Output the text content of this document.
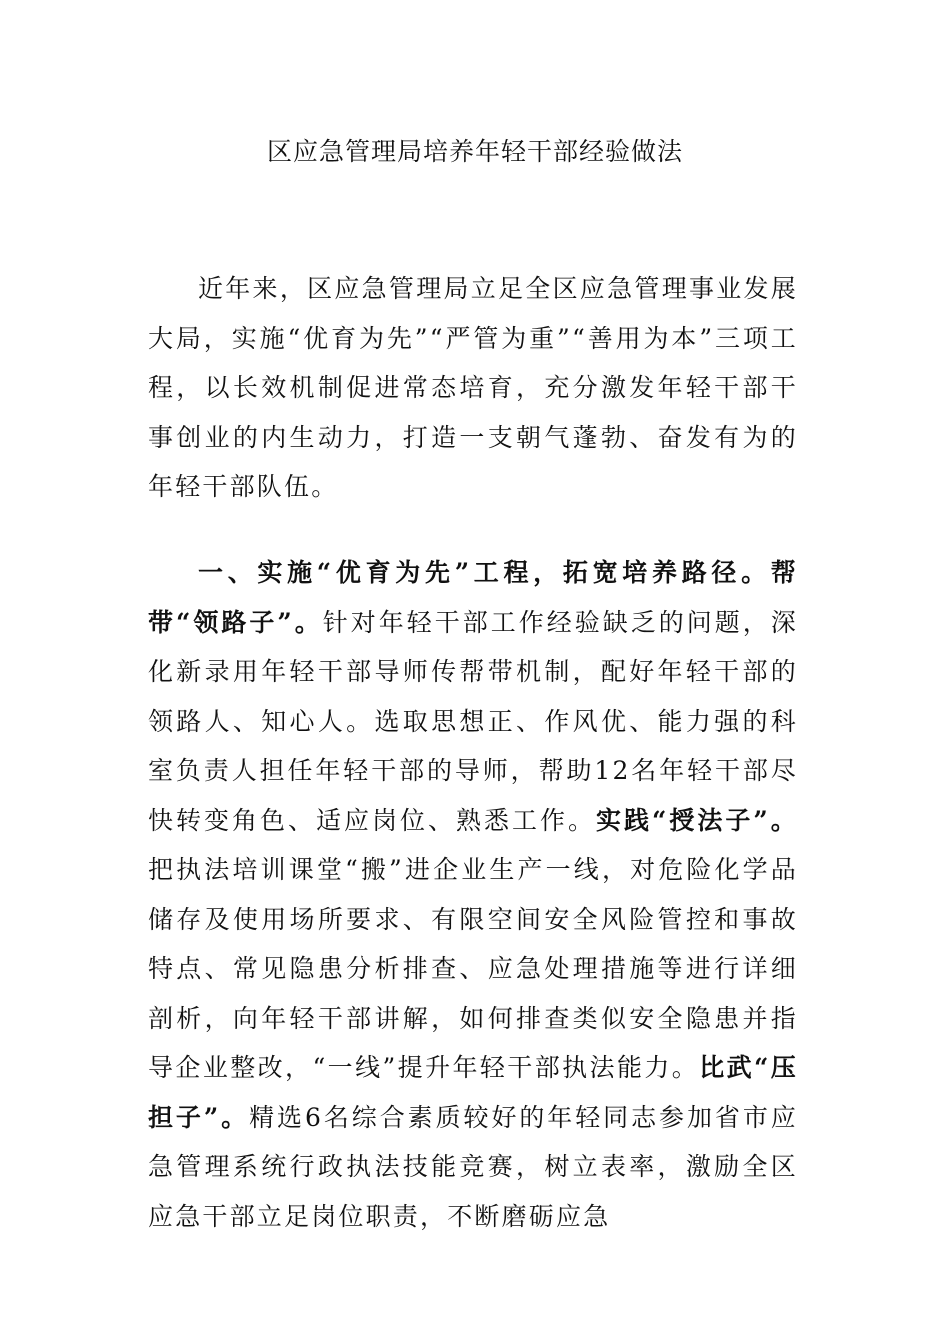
区应急管理局培养年轻干部经验做法

近年来，区应急管理局立足全区应急管理事业发展大局，实施“优育为先”“严管为重”“善用为本”三项工程，以长效机制促进常态培育，充分激发年轻干部干事创业的内生动力，打造一支朝气蓬勃、奋发有为的年轻干部队伍。

一、实施“优育为先”工程，拓宽培养路径。帮带“领路子”。针对年轻干部工作经验缺乏的问题，深化新录用年轻干部导师传帮带机制，配好年轻干部的领路人、知心人。选取思想正、作风优、能力强的科室负责人担任年轻干部的导师，帮助12名年轻干部尽快转变角色、适应岗位、熟悉工作。实践“授法子”。把执法培训课堂“搬”进企业生产一线，对危险化学品储存及使用场所要求、有限空间安全风险管控和事故特点、常见隐患分析排查、应急处理措施等进行详细剖析，向年轻干部讲解，如何排查类似安全隐患并指导企业整改，“一线”提升年轻干部执法能力。比武“压担子”。精选6名综合素质较好的年轻同志参加省市应急管理系统行政执法技能竞赛，树立表率，激励全区应急干部立足岗位职责，不断磨砺应急
